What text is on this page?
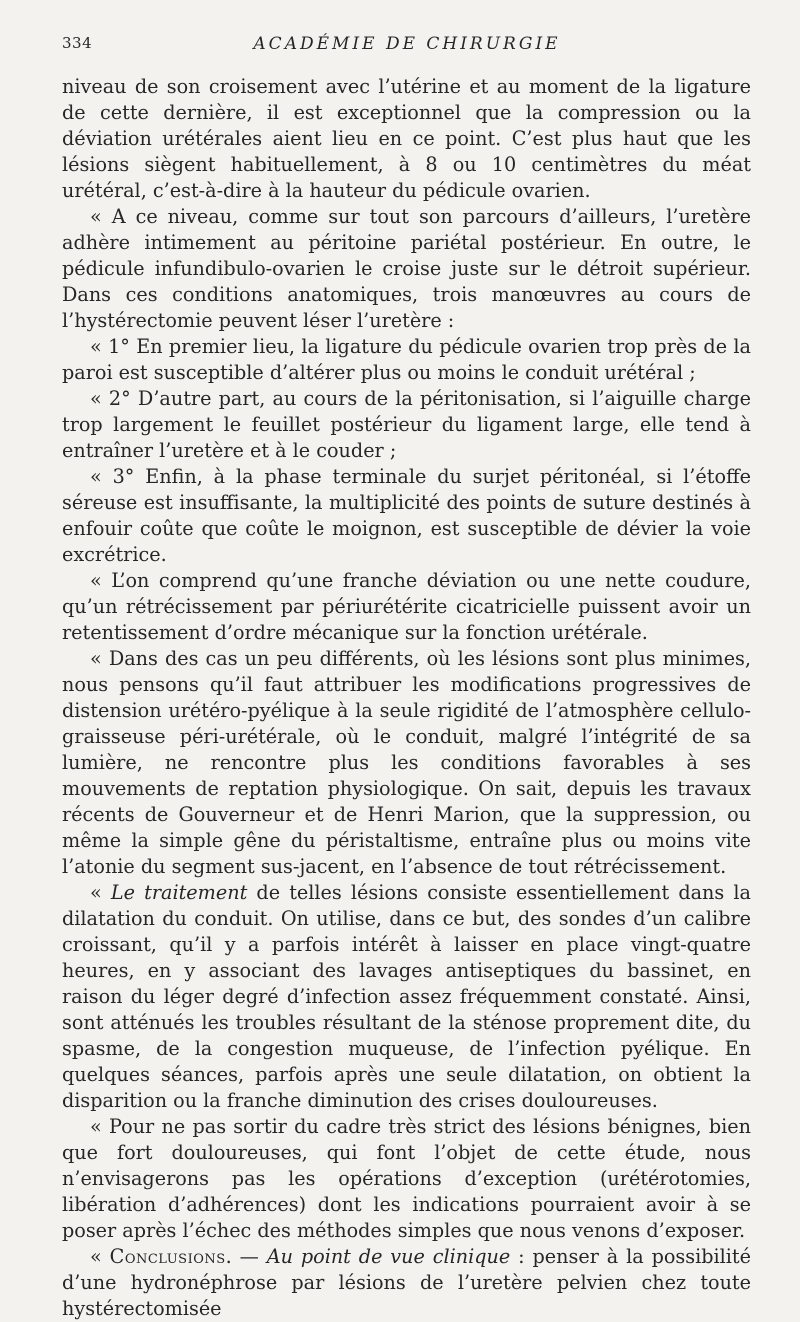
334	ACADÉMIE DE CHIRURGIE

niveau de son croisement avec l’utérine et au moment de la ligature de cette dernière, il est exceptionnel que la compression ou la déviation urétérales aient lieu en ce point. C’est plus haut que les lésions siègent habituellement, à 8 ou 10 centimètres du méat urétéral, c’est-à-dire à la hauteur du pédicule ovarien.

« A ce niveau, comme sur tout son parcours d’ailleurs, l’uretère adhère intimement au péritoine pariétal postérieur. En outre, le pédicule infundibulo-ovarien le croise juste sur le détroit supérieur. Dans ces conditions anatomiques, trois manœuvres au cours de l’hystérectomie peuvent léser l’uretère :

« 1° En premier lieu, la ligature du pédicule ovarien trop près de la paroi est susceptible d’altérer plus ou moins le conduit urétéral ;

« 2° D’autre part, au cours de la péritonisation, si l’aiguille charge trop largement le feuillet postérieur du ligament large, elle tend à entraîner l’uretère et à le couder ;

« 3° Enfin, à la phase terminale du surjet péritonéal, si l’étoffe séreuse est insuffisante, la multiplicité des points de suture destinés à enfouir coûte que coûte le moignon, est susceptible de dévier la voie excrétrice.

« L’on comprend qu’une franche déviation ou une nette coudure, qu’un rétrécissement par périurétérite cicatricielle puissent avoir un retentissement d’ordre mécanique sur la fonction urétérale.

« Dans des cas un peu différents, où les lésions sont plus minimes, nous pensons qu’il faut attribuer les modifications progressives de distension urétéro-pyélique à la seule rigidité de l’atmosphère cellulo-graisseuse péri-urétérale, où le conduit, malgré l’intégrité de sa lumière, ne rencontre plus les conditions favorables à ses mouvements de reptation physiologique. On sait, depuis les travaux récents de Gouverneur et de Henri Marion, que la suppression, ou même la simple gêne du péristaltisme, entraîne plus ou moins vite l’atonie du segment sus-jacent, en l’absence de tout rétrécissement.

« Le traitement de telles lésions consiste essentiellement dans la dilatation du conduit. On utilise, dans ce but, des sondes d’un calibre croissant, qu’il y a parfois intérêt à laisser en place vingt-quatre heures, en y associant des lavages antiseptiques du bassinet, en raison du léger degré d’infection assez fréquemment constaté. Ainsi, sont atténués les troubles résultant de la sténose proprement dite, du spasme, de la congestion muqueuse, de l’infection pyélique. En quelques séances, parfois après une seule dilatation, on obtient la disparition ou la franche diminution des crises douloureuses.

« Pour ne pas sortir du cadre très strict des lésions bénignes, bien que fort douloureuses, qui font l’objet de cette étude, nous n’envisagerons pas les opérations d’exception (urétérotomies, libération d’adhérences) dont les indications pourraient avoir à se poser après l’échec des méthodes simples que nous venons d’exposer.

« Conclusions. — Au point de vue clinique : penser à la possibilité d’une hydronéphrose par lésions de l’uretère pelvien chez toute hystérectomisée
